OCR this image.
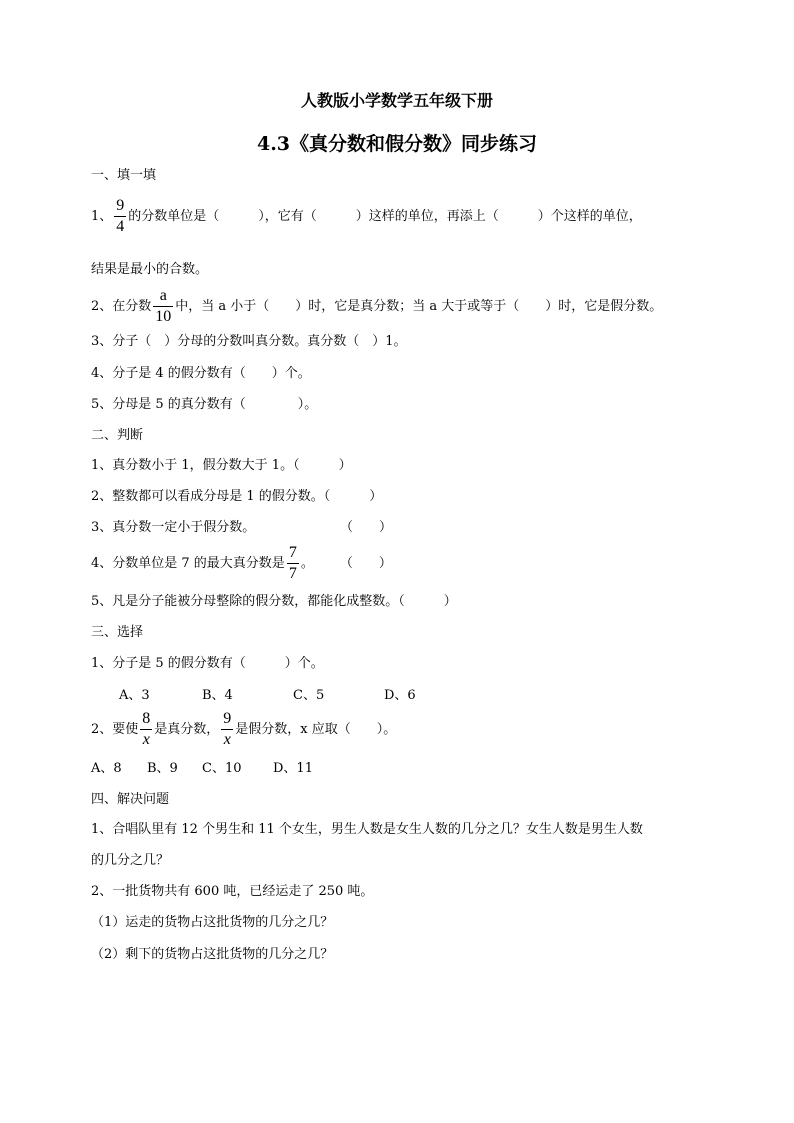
人教版小学数学五年级下册
4.3《真分数和假分数》同步练习
一、填一填
1、 $\frac{9}{4}$ 的分数单位是（　　　），它有（　　　）这样的单位，再添上（　　　）个这样的单位，
结果是最小的合数。
2、在分数 $\frac{a}{10}$ 中，当 a 小于（　　）时，它是真分数；当 a 大于或等于（　　）时，它是假分数。
3、分子（　）分母的分数叫真分数。真分数（　）1。
4、分子是 4 的假分数有（　　）个。
5、分母是 5 的真分数有（　　　　）。
二、判断
1、真分数小于 1，假分数大于 1。（　　　）
2、整数都可以看成分母是 1 的假分数。（　　　）
3、真分数一定小于假分数。	（　　）
4、分数单位是 7 的最大真分数是 $\frac{7}{7}$ 。 （　　）
5、凡是分子能被分母整除的假分数，都能化成整数。（　　　）
三、选择
1、分子是 5 的假分数有（　　　）个。
A、3	B、4	C、5	D、6
2、要使 $\frac{8}{x}$ 是真分数， $\frac{9}{x}$ 是假分数，x 应取（　　）。
A、8 B、9 C、10 D、11
四、解决问题
1、合唱队里有 12 个男生和 11 个女生，男生人数是女生人数的几分之几？女生人数是男生人数
的几分之几？
2、一批货物共有 600 吨，已经运走了 250 吨。
（1）运走的货物占这批货物的几分之几？
（2）剩下的货物占这批货物的几分之几？
